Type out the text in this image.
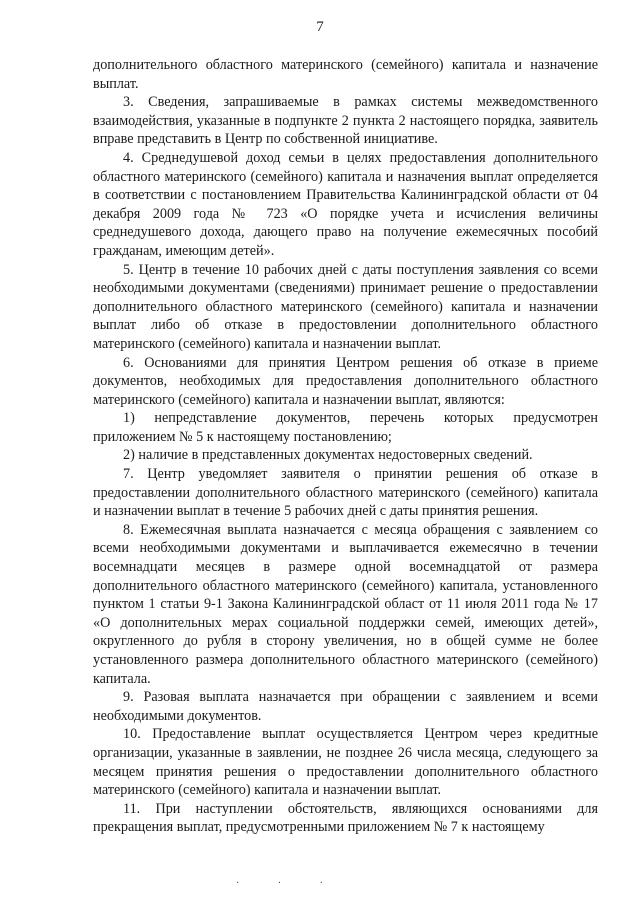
7

дополнительного областного материнского (семейного) капитала и назначение выплат.

3. Сведения, запрашиваемые в рамках системы межведомственного взаимодействия, указанные в подпункте 2 пункта 2 настоящего порядка, заявитель вправе представить в Центр по собственной инициативе.

4. Среднедушевой доход семьи в целях предоставления дополнительного областного материнского (семейного) капитала и назначения выплат определяется в соответствии с постановлением Правительства Калининградской области от 04 декабря 2009 года № 723 «О порядке учета и исчисления величины среднедушевого дохода, дающего право на получение ежемесячных пособий гражданам, имеющим детей».

5. Центр в течение 10 рабочих дней с даты поступления заявления со всеми необходимыми документами (сведениями) принимает решение о предоставлении дополнительного областного материнского (семейного) капитала и назначении выплат либо об отказе в предостовлении дополнительного областного материнского (семейного) капитала и назначении выплат.

6. Основаниями для принятия Центром решения об отказе в приеме документов, необходимых для предоставления дополнительного областного материнского (семейного) капитала и назначении выплат, являются:

1) непредставление документов, перечень которых предусмотрен приложением № 5 к настоящему постановлению;

2) наличие в представленных документах недостоверных сведений.

7. Центр уведомляет заявителя о принятии решения об отказе в предоставлении дополнительного областного материнского (семейного) капитала и назначении выплат в течение 5 рабочих дней с даты принятия решения.

8. Ежемесячная выплата назначается с месяца обращения с заявлением со всеми необходимыми документами и выплачивается ежемесячно в течении восемнадцати месяцев в размере одной восемнадцатой от размера дополнительного областного материнского (семейного) капитала, установленного пунктом 1 статьи 9-1 Закона Калининградской област от 11 июля 2011 года № 17 «О дополнительных мерах социальной поддержки семей, имеющих детей», округленного до рубля в сторону увеличения, но в общей сумме не более установленного размера дополнительного областного материнского (семейного) капитала.

9. Разовая выплата назначается при обращении с заявлением и всеми необходимыми документов.

10. Предоставление выплат осуществляется Центром через кредитные организации, указанные в заявлении, не позднее 26 числа месяца, следующего за месяцем принятия решения о предоставлении дополнительного областного материнского (семейного) капитала и назначении выплат.

11. При наступлении обстоятельств, являющихся основаниями для прекращения выплат, предусмотренными приложением № 7 к настоящему

· · ·
